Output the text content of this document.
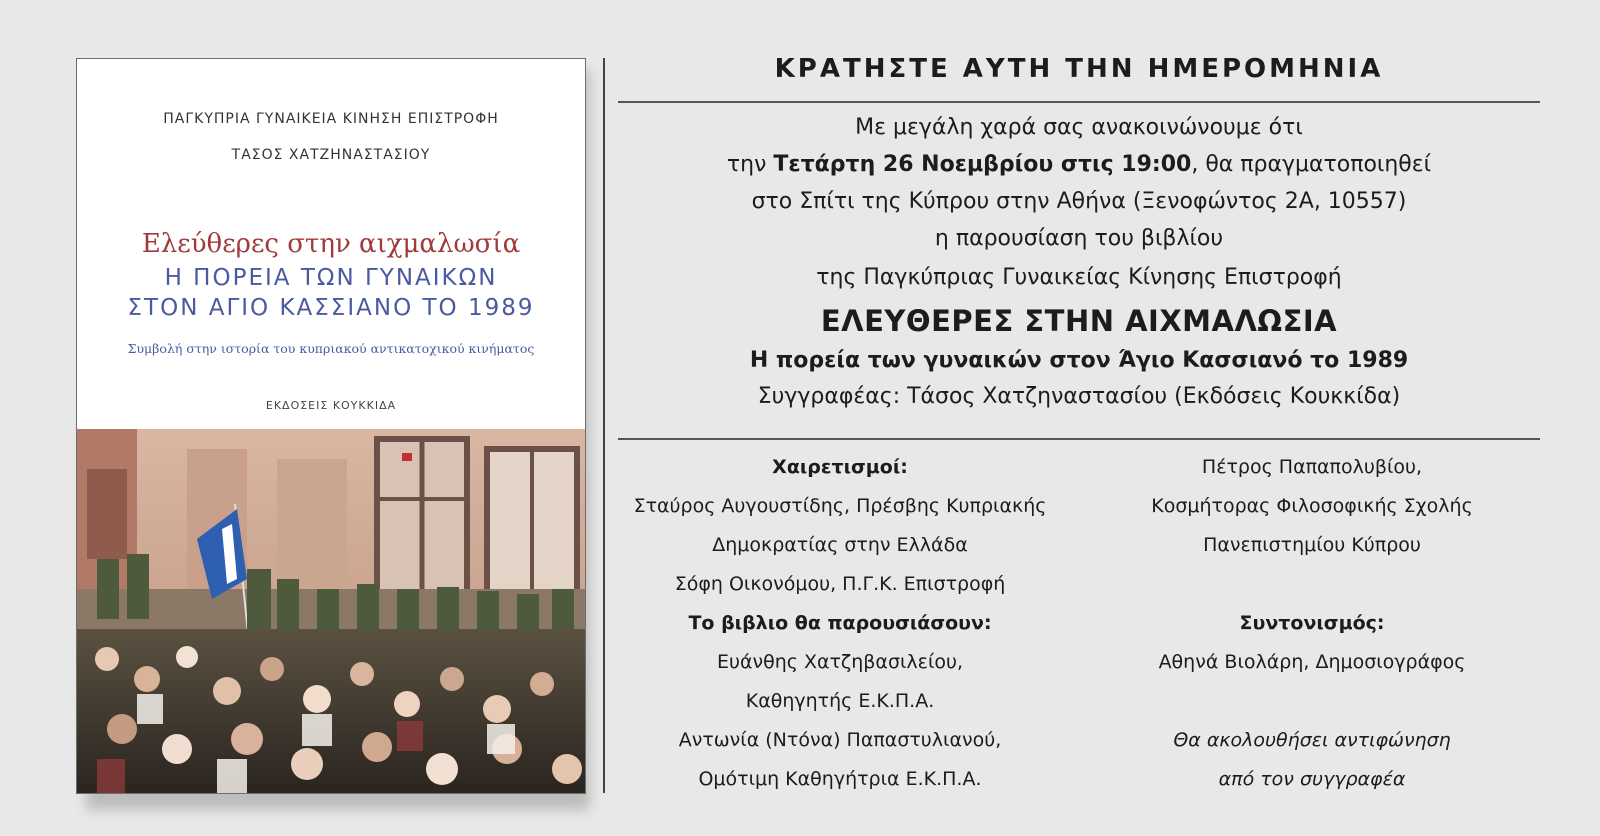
ΠΑΓΚΥΠΡΙΑ ΓΥΝΑΙΚΕΙΑ ΚΙΝΗΣΗ ΕΠΙΣΤΡΟΦΗ
ΤΑΣΟΣ ΧΑΤΖΗΝΑΣΤΑΣΙΟΥ
Ελεύθερες στην αιχμαλωσία
Η ΠΟΡΕΙΑ ΤΩΝ ΓΥΝΑΙΚΩΝ
ΣΤΟΝ ΑΓΙΟ ΚΑΣΣΙΑΝΟ ΤΟ 1989
Συμβολή στην ιστορία του κυπριακού αντικατοχικού κινήματος
ΕΚΔΟΣΕΙΣ ΚΟΥΚΚΙΔΑ
ΚΡΑΤΗΣΤΕ ΑΥΤΗ ΤΗΝ ΗΜΕΡΟΜΗΝΙΑ
Με μεγάλη χαρά σας ανακοινώνουμε ότι
την Τετάρτη 26 Νοεμβρίου στις 19:00, θα πραγματοποιηθεί
στο Σπίτι της Κύπρου στην Αθήνα (Ξενοφώντος 2Α, 10557)
η παρουσίαση του βιβλίου
της Παγκύπριας Γυναικείας Κίνησης Επιστροφή
ΕΛΕΥΘΕΡΕΣ ΣΤΗΝ ΑΙΧΜΑΛΩΣΙΑ
Η πορεία των γυναικών στον Άγιο Κασσιανό το 1989
Συγγραφέας: Τάσος Χατζηναστασίου (Εκδόσεις Κουκκίδα)
Χαιρετισμοί:
Σταύρος Αυγουστίδης, Πρέσβης Κυπριακής
Δημοκρατίας στην Ελλάδα
Σόφη Οικονόμου, Π.Γ.Κ. Επιστροφή
Το βιβλιο θα παρουσιάσουν:
Ευάνθης Χατζηβασιλείου,
Καθηγητής Ε.Κ.Π.Α.
Αντωνία (Ντόνα) Παπαστυλιανού,
Ομότιμη Καθηγήτρια Ε.Κ.Π.Α.
Πέτρος Παπαπολυβίου,
Κοσμήτορας Φιλοσοφικής Σχολής
Πανεπιστημίου Κύπρου
Συντονισμός:
Αθηνά Βιολάρη, Δημοσιογράφος
Θα ακολουθήσει αντιφώνηση
από τον συγγραφέα
